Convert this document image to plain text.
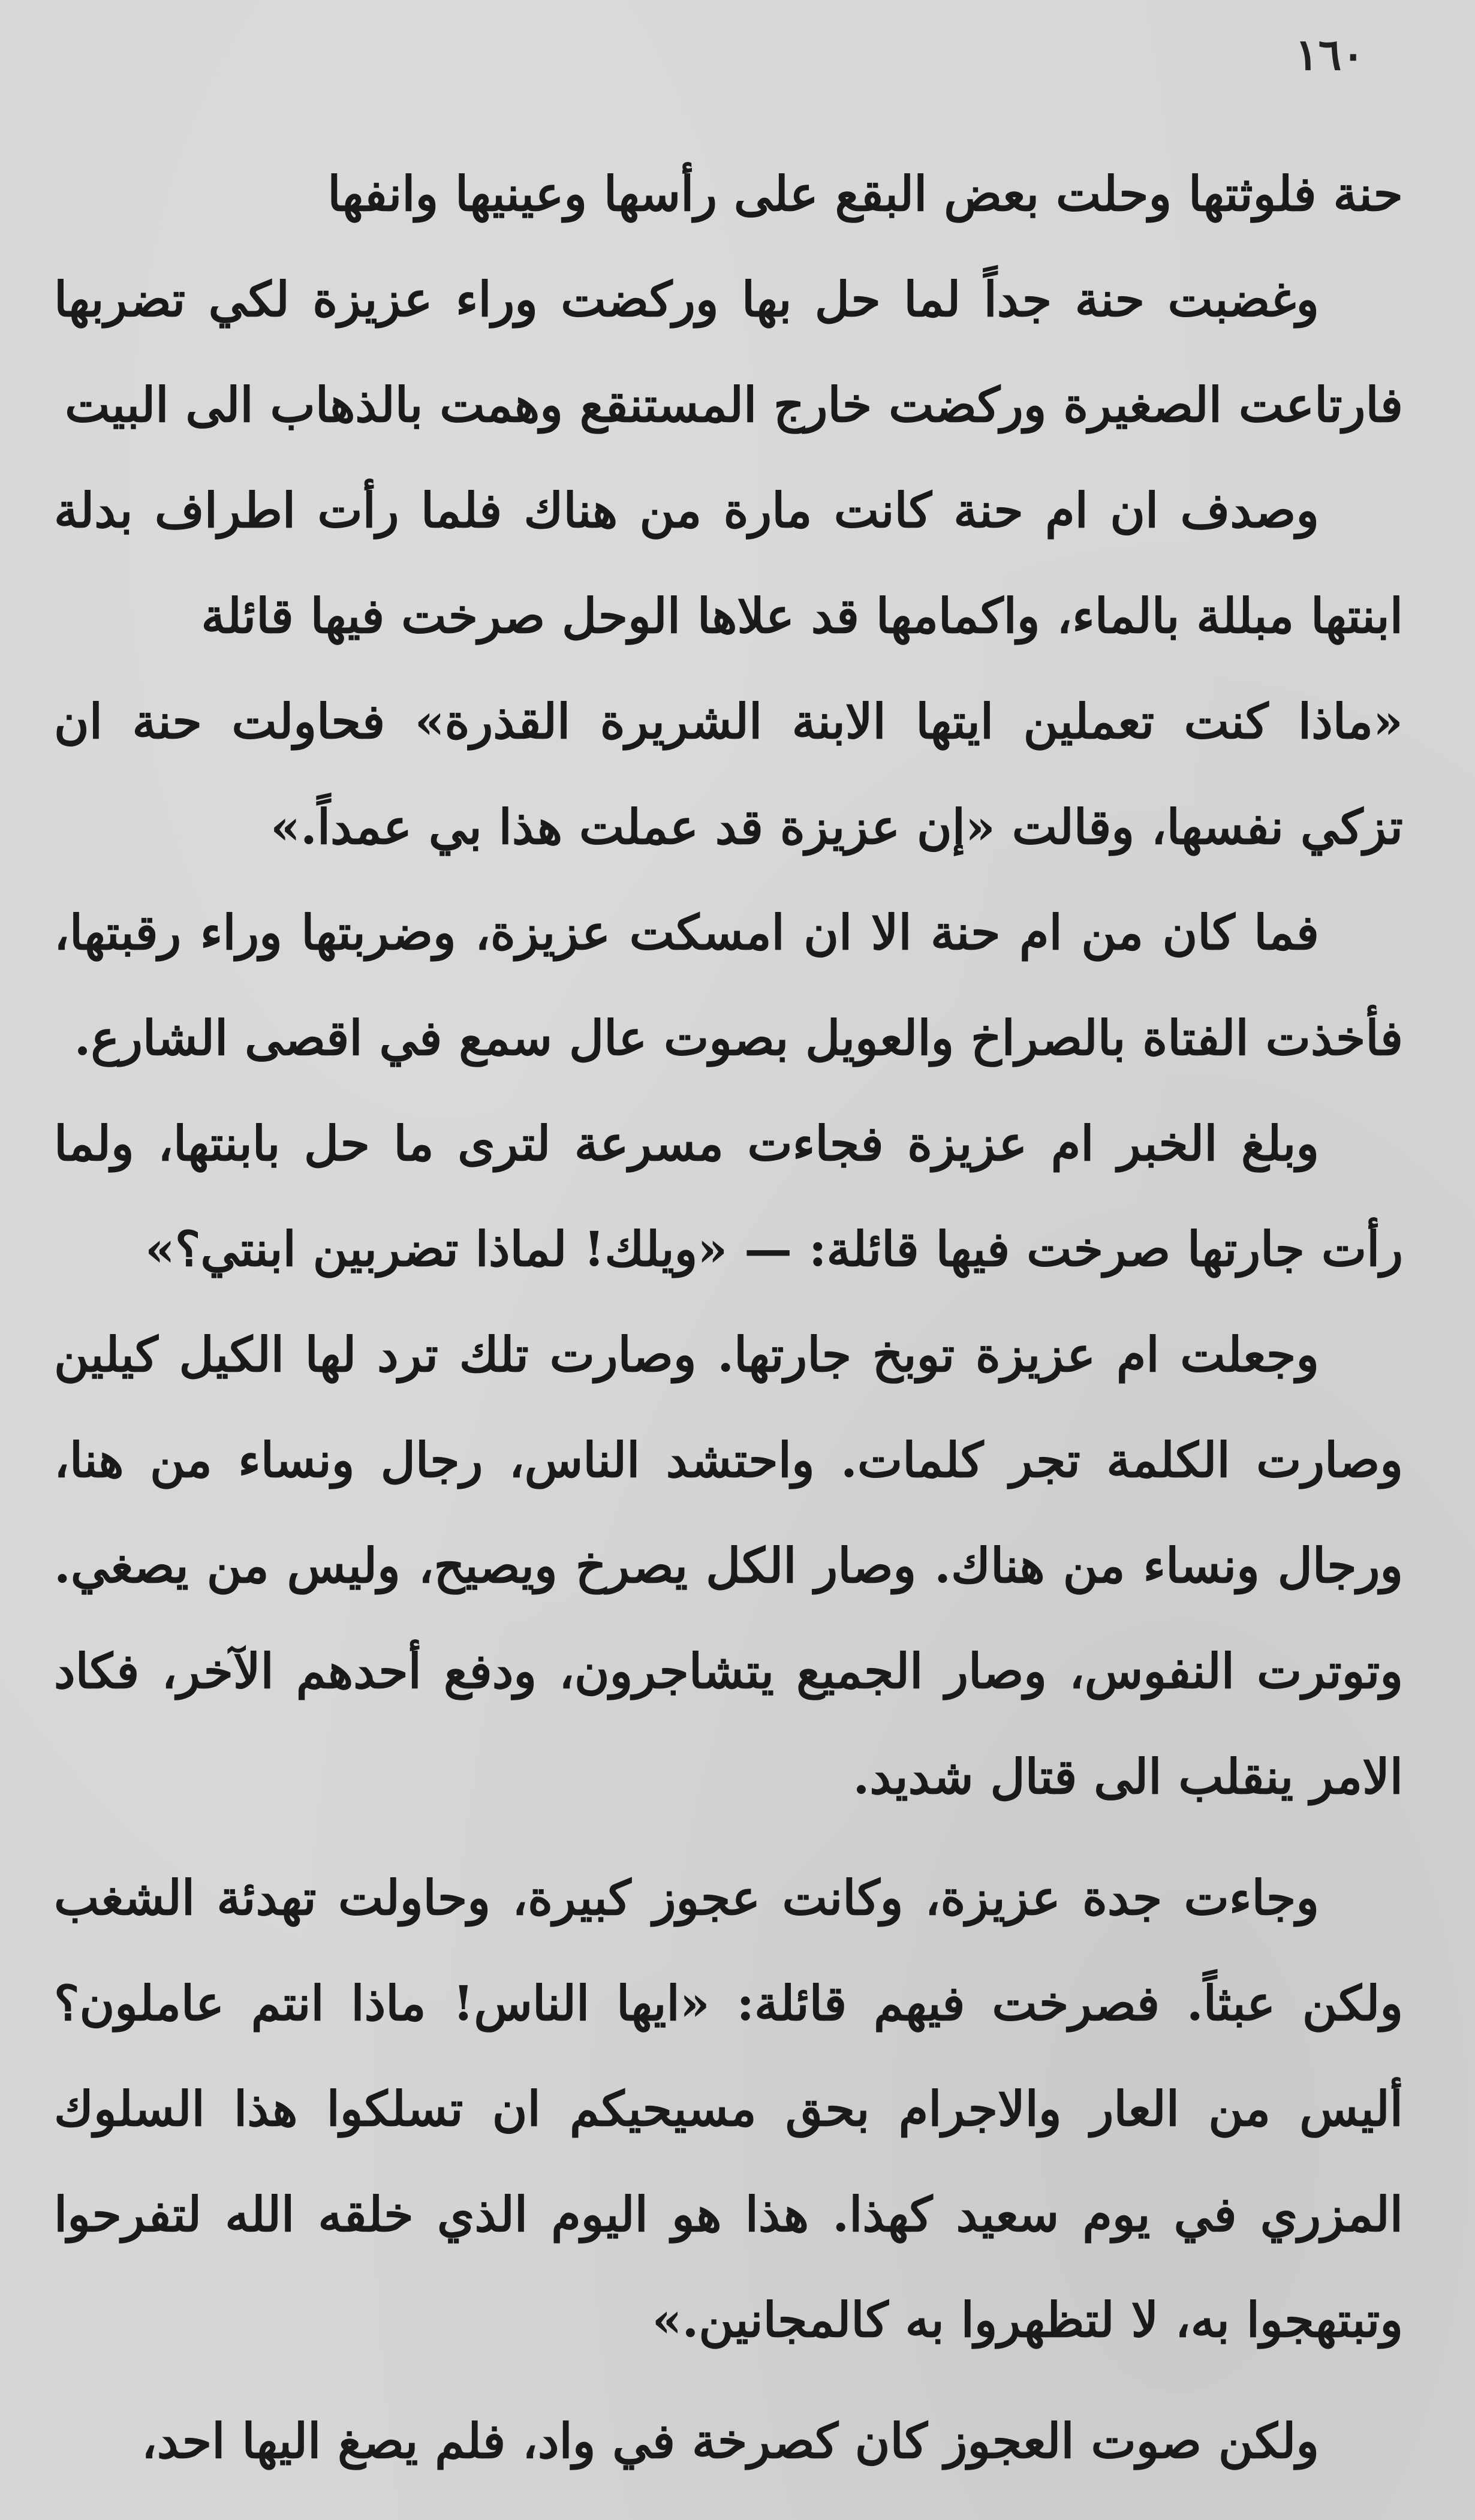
١٦٠

حنة فلوثتها وحلت بعض البقع على رأسها وعينيها وانفها

وغضبت حنة جداً لما حل بها وركضت وراء عزيزة لكي تضربها فارتاعت الصغيرة وركضت خارج المستنقع وهمت بالذهاب الى البيت

وصدف ان ام حنة كانت مارة من هناك فلما رأت اطراف بدلة ابنتها مبللة بالماء، واكمامها قد علاها الوحل صرخت فيها قائلة

«ماذا كنت تعملين ايتها الابنة الشريرة القذرة» فحاولت حنة ان تزكي نفسها، وقالت «إن عزيزة قد عملت هذا بي عمداً.»

فما كان من ام حنة الا ان امسكت عزيزة، وضربتها وراء رقبتها، فأخذت الفتاة بالصراخ والعويل بصوت عال سمع في اقصى الشارع.

وبلغ الخبر ام عزيزة فجاءت مسرعة لترى ما حل بابنتها، ولما رأت جارتها صرخت فيها قائلة: — «ويلك! لماذا تضربين ابنتي؟»

وجعلت ام عزيزة توبخ جارتها. وصارت تلك ترد لها الكيل كيلين وصارت الكلمة تجر كلمات. واحتشد الناس، رجال ونساء من هنا، ورجال ونساء من هناك. وصار الكل يصرخ ويصيح، وليس من يصغي. وتوترت النفوس، وصار الجميع يتشاجرون، ودفع أحدهم الآخر، فكاد الامر ينقلب الى قتال شديد.

وجاءت جدة عزيزة، وكانت عجوز كبيرة، وحاولت تهدئة الشغب ولكن عبثاً. فصرخت فيهم قائلة: «ايها الناس! ماذا انتم عاملون؟ أليس من العار والاجرام بحق مسيحيكم ان تسلكوا هذا السلوك المزري في يوم سعيد كهذا. هذا هو اليوم الذي خلقه الله لتفرحوا وتبتهجوا به، لا لتظهروا به كالمجانين.»

ولكن صوت العجوز كان كصرخة في واد، فلم يصغ اليها احد،
